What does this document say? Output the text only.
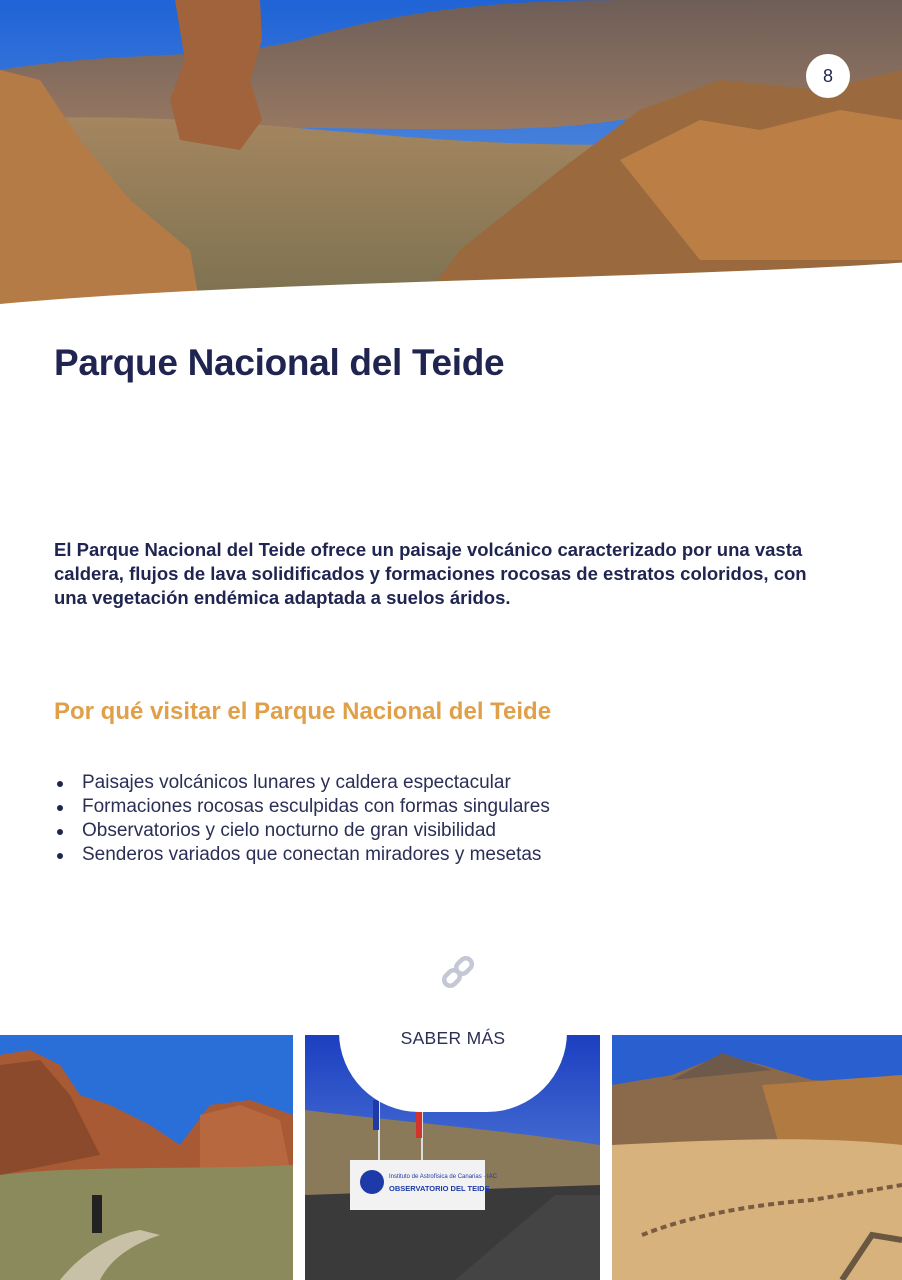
8
Parque Nacional del Teide

El Parque Nacional del Teide ofrece un paisaje volcánico caracterizado por una vasta caldera, flujos de lava solidificados y formaciones rocosas de estratos coloridos, con una vegetación endémica adaptada a suelos áridos.

Por qué visitar el Parque Nacional del Teide
Paisajes volcánicos lunares y caldera espectacular
Formaciones rocosas esculpidas con formas singulares
Observatorios y cielo nocturno de gran visibilidad
Senderos variados que conectan miradores y mesetas
Instituto de Astrofísica de Canarias · IAC
OBSERVATORIO DEL TEIDE
SABER MÁS
